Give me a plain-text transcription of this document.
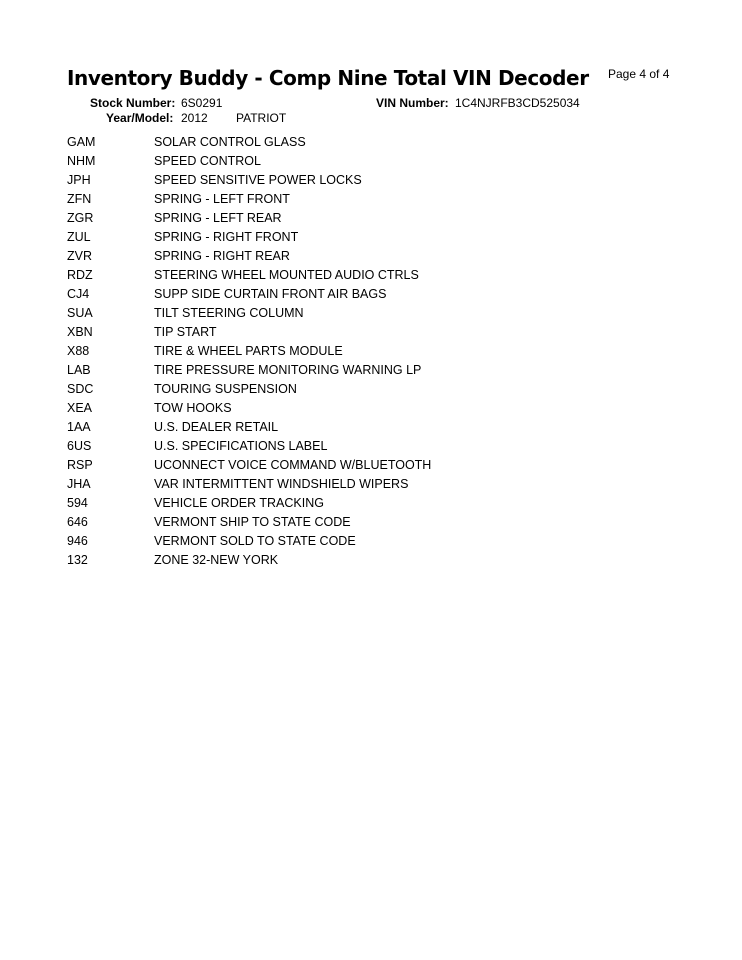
Inventory Buddy - Comp Nine Total VIN Decoder Page 4 of 4
Stock Number: 6S0291	VIN Number: 1C4NJRFB3CD525034
Year/Model: 2012 PATRIOT
GAM	SOLAR CONTROL GLASS
NHM	SPEED CONTROL
JPH	SPEED SENSITIVE POWER LOCKS
ZFN	SPRING - LEFT FRONT
ZGR	SPRING - LEFT REAR
ZUL	SPRING - RIGHT FRONT
ZVR	SPRING - RIGHT REAR
RDZ	STEERING WHEEL MOUNTED AUDIO CTRLS
CJ4	SUPP SIDE CURTAIN FRONT AIR BAGS
SUA	TILT STEERING COLUMN
XBN	TIP START
X88	TIRE & WHEEL PARTS MODULE
LAB	TIRE PRESSURE MONITORING WARNING LP
SDC	TOURING SUSPENSION
XEA	TOW HOOKS
1AA	U.S. DEALER RETAIL
6US	U.S. SPECIFICATIONS LABEL
RSP	UCONNECT VOICE COMMAND W/BLUETOOTH
JHA	VAR INTERMITTENT WINDSHIELD WIPERS
594	VEHICLE ORDER TRACKING
646	VERMONT SHIP TO STATE CODE
946	VERMONT SOLD TO STATE CODE
132	ZONE 32-NEW YORK
